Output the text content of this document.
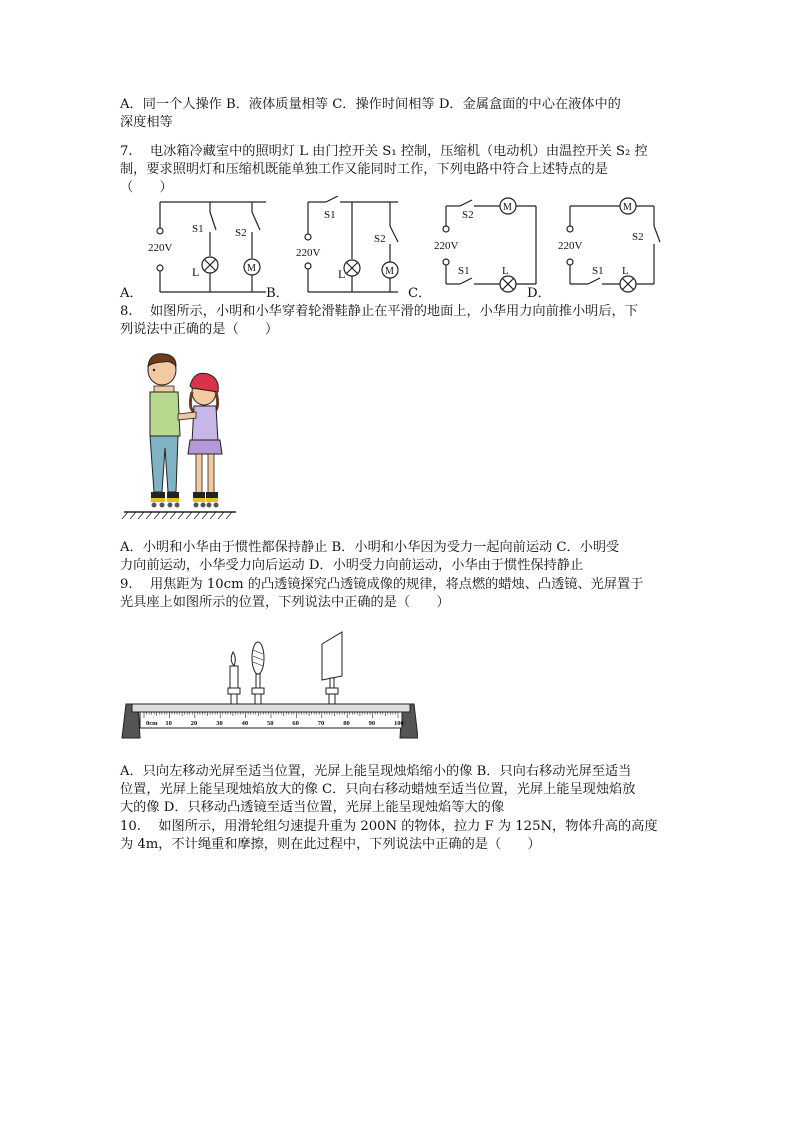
A．同一个人操作 B．液体质量相等 C．操作时间相等 D．金属盒面的中心在液体中的
深度相等
7.　 电冰箱冷藏室中的照明灯 L 由门控开关 S₁ 控制，压缩机（电动机）由温控开关 S₂ 控
制，要求照明灯和压缩机既能单独工作又能同时工作，下列电路中符合上述特点的是
（　　）
220V
S1	S2
L	M
220V
S1
S2
L	M
220V
S2
S1	L
M
220V
S2
S1 L
M
A．	B．	C．	D．
8.　 如图所示，小明和小华穿着轮滑鞋静止在平滑的地面上，小华用力向前推小明后，下
列说法中正确的是（　　）
A．小明和小华由于惯性都保持静止 B．小明和小华因为受力一起向前运动 C．小明受
力向前运动，小华受力向后运动 D．小明受力向前运动，小华由于惯性保持静止
9.　 用焦距为 10cm 的凸透镜探究凸透镜成像的规律，将点燃的蜡烛、凸透镜、光屏置于
光具座上如图所示的位置，下列说法中正确的是（　　）
0cm 10	20	30	40	50	60	70	80	90	100
A．只向左移动光屏至适当位置，光屏上能呈现烛焰缩小的像 B．只向右移动光屏至适当
位置，光屏上能呈现烛焰放大的像 C．只向右移动蜡烛至适当位置，光屏上能呈现烛焰放
大的像 D．只移动凸透镜至适当位置，光屏上能呈现烛焰等大的像
10.　 如图所示，用滑轮组匀速提升重为 200N 的物体，拉力 F 为 125N，物体升高的高度
为 4m，不计绳重和摩擦，则在此过程中，下列说法中正确的是（　　）
